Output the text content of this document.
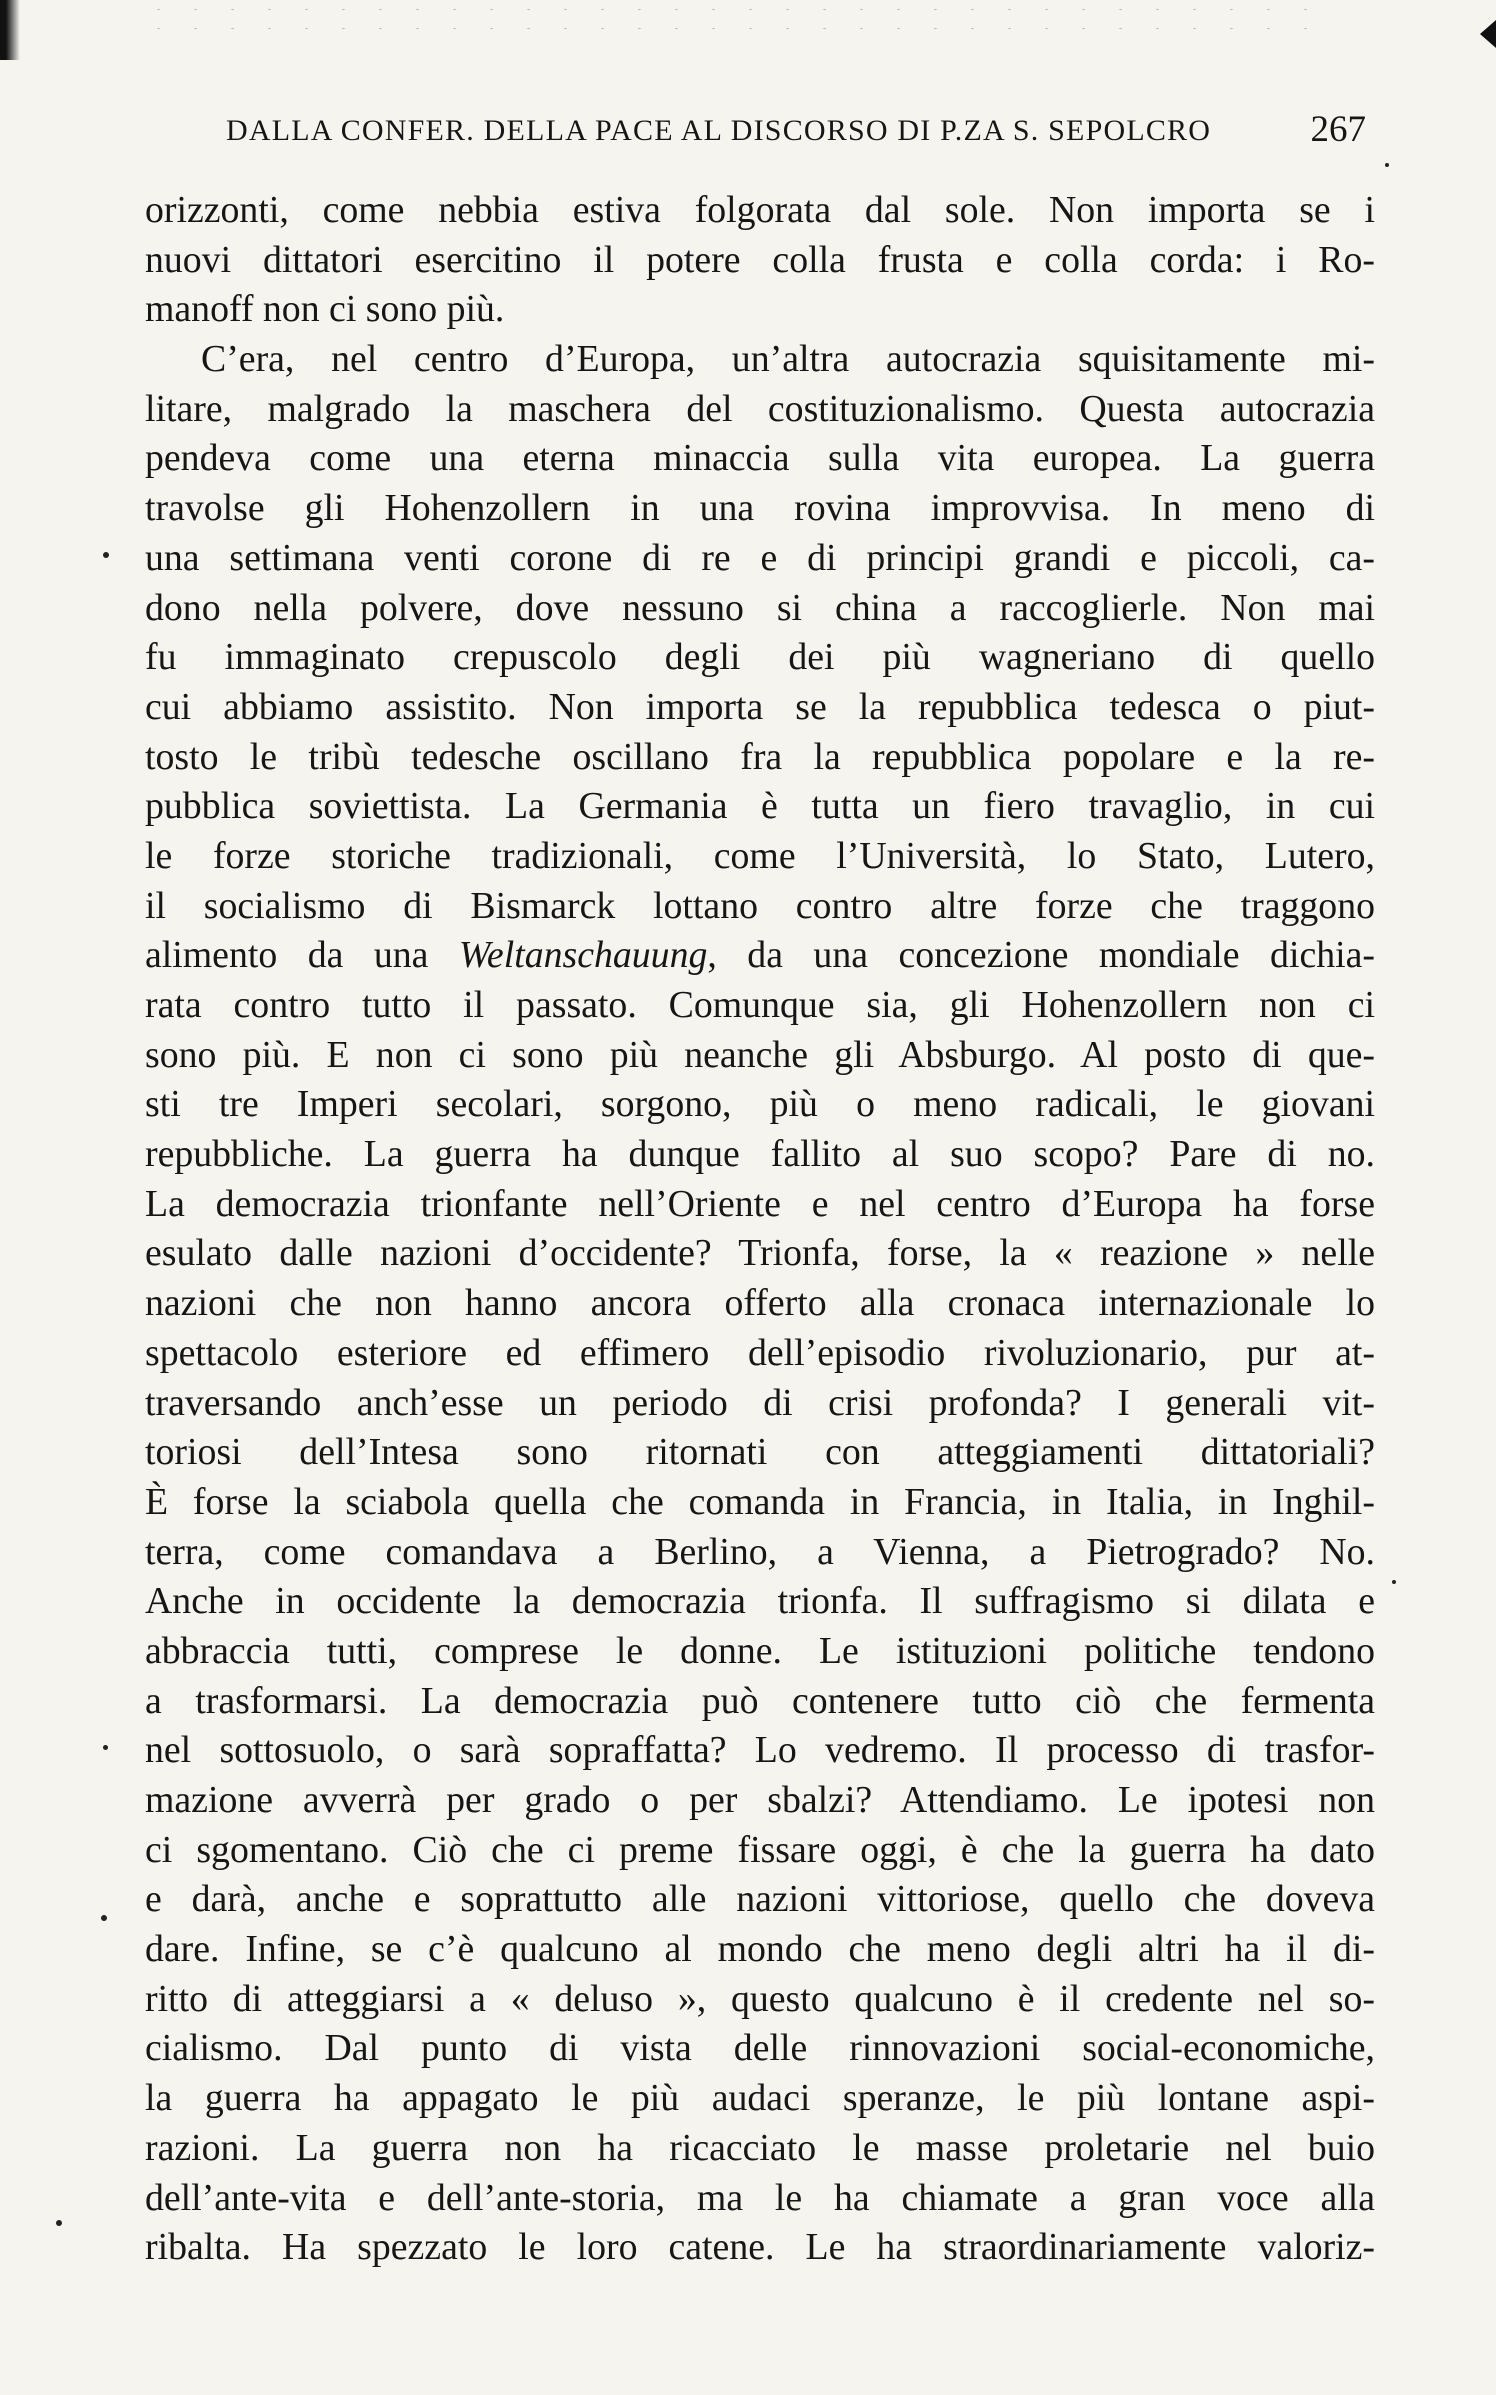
DALLA CONFER. DELLA PACE AL DISCORSO DI P.ZA S. SEPOLCRO	267
orizzonti, come nebbia estiva folgorata dal sole. Non importa se i
nuovi dittatori esercitino il potere colla frusta e colla corda: i Ro-
manoff non ci sono più.
C’era, nel centro d’Europa, un’altra autocrazia squisitamente mi-
litare, malgrado la maschera del costituzionalismo. Questa autocrazia
pendeva come una eterna minaccia sulla vita europea. La guerra
travolse gli Hohenzollern in una rovina improvvisa. In meno di
una settimana venti corone di re e di principi grandi e piccoli, ca-
dono nella polvere, dove nessuno si china a raccoglierle. Non mai
fu immaginato crepuscolo degli dei più wagneriano di quello
cui abbiamo assistito. Non importa se la repubblica tedesca o piut-
tosto le tribù tedesche oscillano fra la repubblica popolare e la re-
pubblica soviettista. La Germania è tutta un fiero travaglio, in cui
le forze storiche tradizionali, come l’Università, lo Stato, Lutero,
il socialismo di Bismarck lottano contro altre forze che traggono
alimento da una Weltanschauung, da una concezione mondiale dichia-
rata contro tutto il passato. Comunque sia, gli Hohenzollern non ci
sono più. E non ci sono più neanche gli Absburgo. Al posto di que-
sti tre Imperi secolari, sorgono, più o meno radicali, le giovani
repubbliche. La guerra ha dunque fallito al suo scopo? Pare di no.
La democrazia trionfante nell’Oriente e nel centro d’Europa ha forse
esulato dalle nazioni d’occidente? Trionfa, forse, la « reazione » nelle
nazioni che non hanno ancora offerto alla cronaca internazionale lo
spettacolo esteriore ed effimero dell’episodio rivoluzionario, pur at-
traversando anch’esse un periodo di crisi profonda? I generali vit-
toriosi dell’Intesa sono ritornati con atteggiamenti dittatoriali?
È forse la sciabola quella che comanda in Francia, in Italia, in Inghil-
terra, come comandava a Berlino, a Vienna, a Pietrogrado? No.
Anche in occidente la democrazia trionfa. Il suffragismo si dilata e
abbraccia tutti, comprese le donne. Le istituzioni politiche tendono
a trasformarsi. La democrazia può contenere tutto ciò che fermenta
nel sottosuolo, o sarà sopraffatta? Lo vedremo. Il processo di trasfor-
mazione avverrà per grado o per sbalzi? Attendiamo. Le ipotesi non
ci sgomentano. Ciò che ci preme fissare oggi, è che la guerra ha dato
e darà, anche e soprattutto alle nazioni vittoriose, quello che doveva
dare. Infine, se c’è qualcuno al mondo che meno degli altri ha il di-
ritto di atteggiarsi a « deluso », questo qualcuno è il credente nel so-
cialismo. Dal punto di vista delle rinnovazioni social-economiche,
la guerra ha appagato le più audaci speranze, le più lontane aspi-
razioni. La guerra non ha ricacciato le masse proletarie nel buio
dell’ante-vita e dell’ante-storia, ma le ha chiamate a gran voce alla
ribalta. Ha spezzato le loro catene. Le ha straordinariamente valoriz-
